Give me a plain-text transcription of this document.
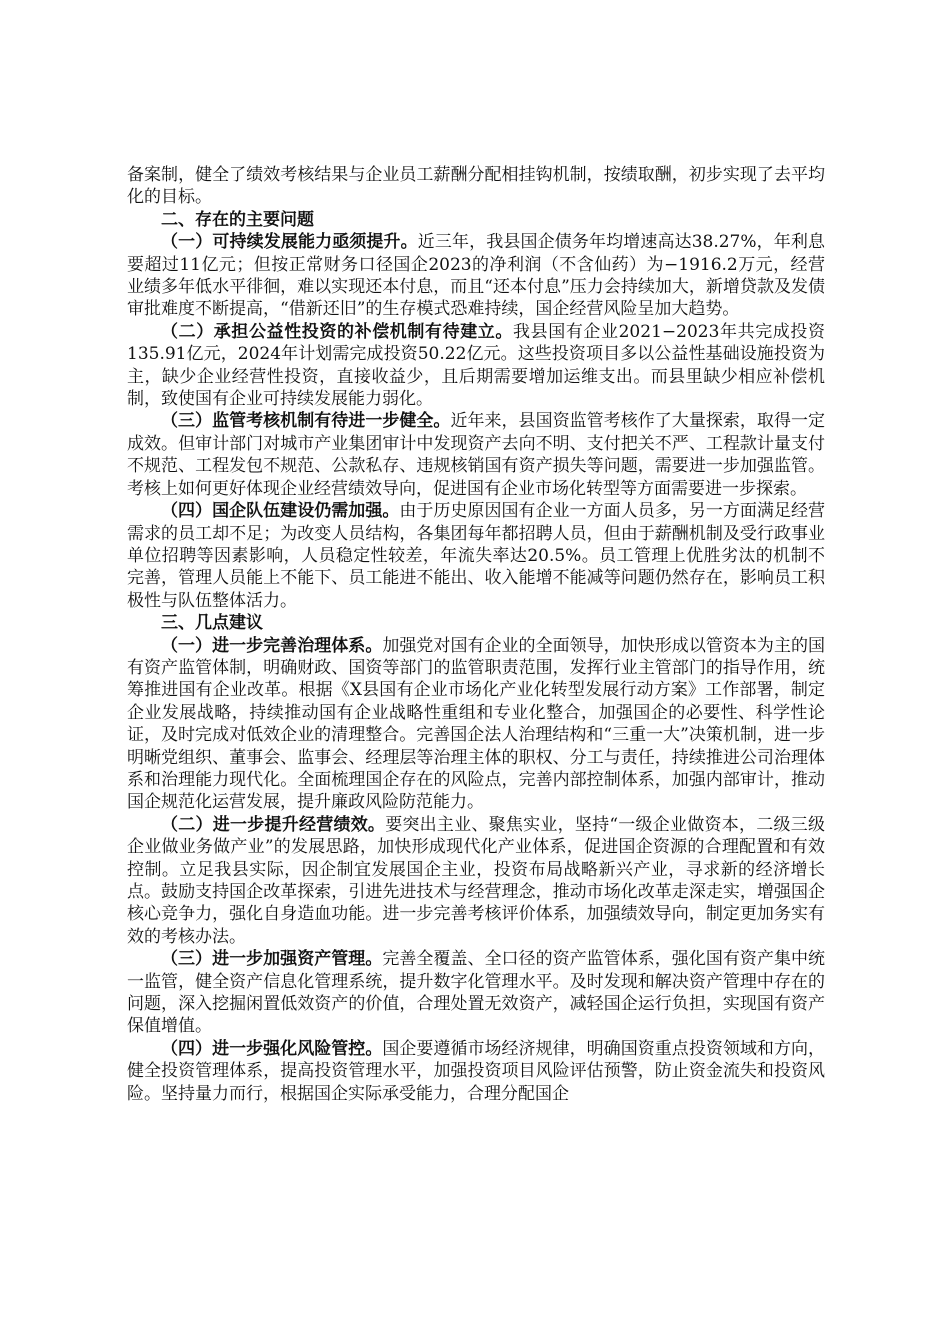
备案制，健全了绩效考核结果与企业员工薪酬分配相挂钩机制，按绩取酬，初步实现了去平均化的目标。

二、存在的主要问题

（一）可持续发展能力亟须提升。近三年，我县国企债务年均增速高达38.27%，年利息要超过11亿元；但按正常财务口径国企2023的净利润（不含仙药）为−1916.2万元，经营业绩多年低水平徘徊，难以实现还本付息，而且“还本付息”压力会持续加大，新增贷款及发债审批难度不断提高，“借新还旧”的生存模式恐难持续，国企经营风险呈加大趋势。

（二）承担公益性投资的补偿机制有待建立。我县国有企业2021−2023年共完成投资135.91亿元，2024年计划需完成投资50.22亿元。这些投资项目多以公益性基础设施投资为主，缺少企业经营性投资，直接收益少，且后期需要增加运维支出。而县里缺少相应补偿机制，致使国有企业可持续发展能力弱化。

（三）监管考核机制有待进一步健全。近年来，县国资监管考核作了大量探索，取得一定成效。但审计部门对城市产业集团审计中发现资产去向不明、支付把关不严、工程款计量支付不规范、工程发包不规范、公款私存、违规核销国有资产损失等问题，需要进一步加强监管。考核上如何更好体现企业经营绩效导向，促进国有企业市场化转型等方面需要进一步探索。

（四）国企队伍建设仍需加强。由于历史原因国有企业一方面人员多，另一方面满足经营需求的员工却不足；为改变人员结构，各集团每年都招聘人员，但由于薪酬机制及受行政事业单位招聘等因素影响，人员稳定性较差，年流失率达20.5%。员工管理上优胜劣汰的机制不完善，管理人员能上不能下、员工能进不能出、收入能增不能减等问题仍然存在，影响员工积极性与队伍整体活力。

三、几点建议

（一）进一步完善治理体系。加强党对国有企业的全面领导，加快形成以管资本为主的国有资产监管体制，明确财政、国资等部门的监管职责范围，发挥行业主管部门的指导作用，统筹推进国有企业改革。根据《X县国有企业市场化产业化转型发展行动方案》工作部署，制定企业发展战略，持续推动国有企业战略性重组和专业化整合，加强国企的必要性、科学性论证，及时完成对低效企业的清理整合。完善国企法人治理结构和“三重一大”决策机制，进一步明晰党组织、董事会、监事会、经理层等治理主体的职权、分工与责任，持续推进公司治理体系和治理能力现代化。全面梳理国企存在的风险点，完善内部控制体系，加强内部审计，推动国企规范化运营发展，提升廉政风险防范能力。

（二）进一步提升经营绩效。要突出主业、聚焦实业，坚持“一级企业做资本，二级三级企业做业务做产业”的发展思路，加快形成现代化产业体系，促进国企资源的合理配置和有效控制。立足我县实际，因企制宜发展国企主业，投资布局战略新兴产业，寻求新的经济增长点。鼓励支持国企改革探索，引进先进技术与经营理念，推动市场化改革走深走实，增强国企核心竞争力，强化自身造血功能。进一步完善考核评价体系，加强绩效导向，制定更加务实有效的考核办法。

（三）进一步加强资产管理。完善全覆盖、全口径的资产监管体系，强化国有资产集中统一监管，健全资产信息化管理系统，提升数字化管理水平。及时发现和解决资产管理中存在的问题，深入挖掘闲置低效资产的价值，合理处置无效资产，减轻国企运行负担，实现国有资产保值增值。

（四）进一步强化风险管控。国企要遵循市场经济规律，明确国资重点投资领域和方向，健全投资管理体系，提高投资管理水平，加强投资项目风险评估预警，防止资金流失和投资风险。坚持量力而行，根据国企实际承受能力，合理分配国企
